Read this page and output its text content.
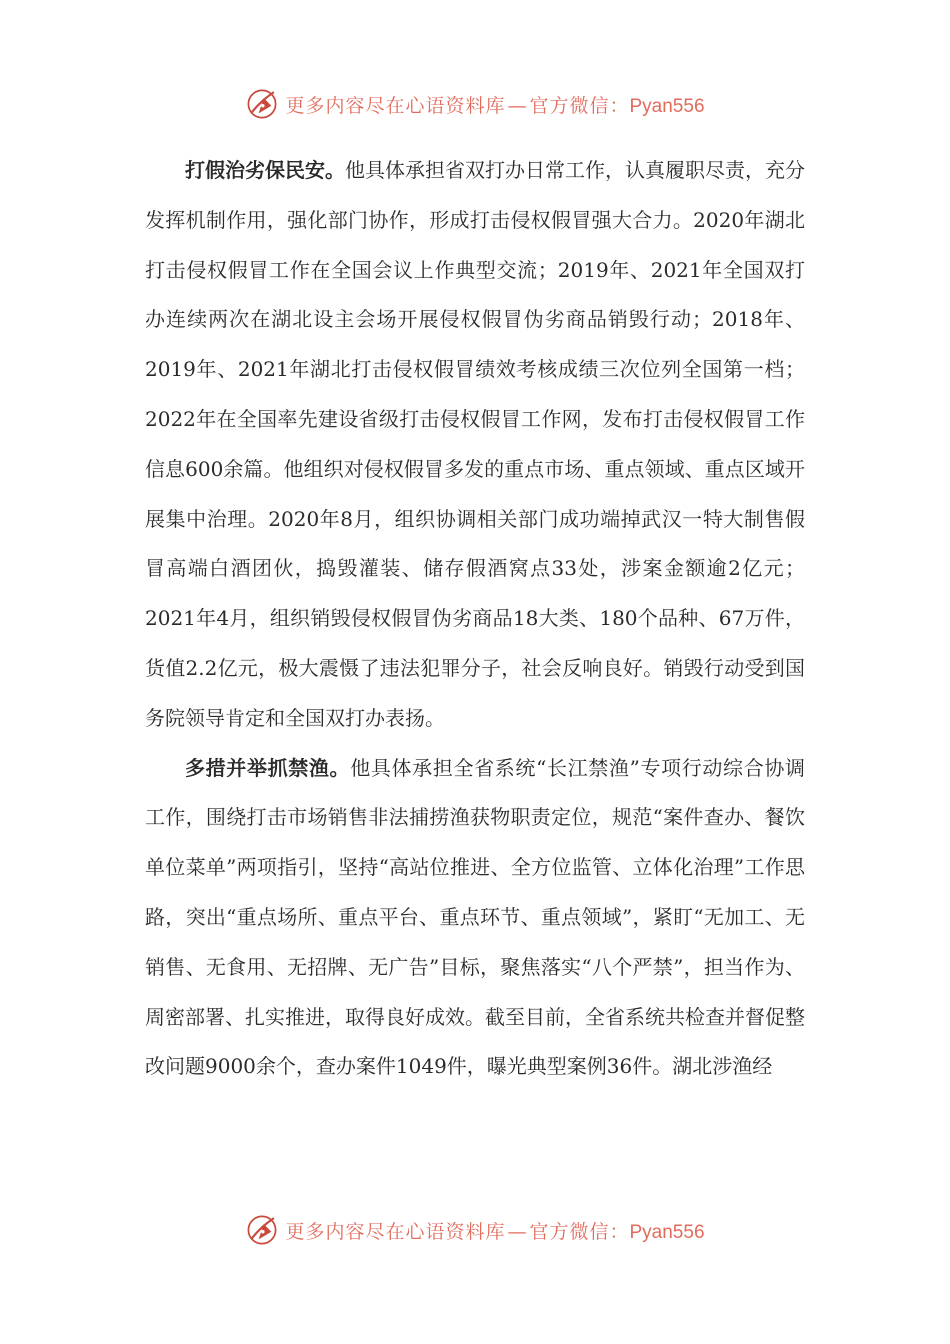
更多内容尽在心语资料库 — 官方微信：Pyan556

打假治劣保民安。他具体承担省双打办日常工作，认真履职尽责，充分发挥机制作用，强化部门协作，形成打击侵权假冒强大合力。2020年湖北打击侵权假冒工作在全国会议上作典型交流；2019年、2021年全国双打办连续两次在湖北设主会场开展侵权假冒伪劣商品销毁行动；2018年、2019年、2021年湖北打击侵权假冒绩效考核成绩三次位列全国第一档；2022年在全国率先建设省级打击侵权假冒工作网，发布打击侵权假冒工作信息600余篇。他组织对侵权假冒多发的重点市场、重点领域、重点区域开展集中治理。2020年8月，组织协调相关部门成功端掉武汉一特大制售假冒高端白酒团伙，捣毁灌装、储存假酒窝点33处，涉案金额逾2亿元；2021年4月，组织销毁侵权假冒伪劣商品18大类、180个品种、67万件，货值2.2亿元，极大震慑了违法犯罪分子，社会反响良好。销毁行动受到国务院领导肯定和全国双打办表扬。

多措并举抓禁渔。他具体承担全省系统“长江禁渔”专项行动综合协调工作，围绕打击市场销售非法捕捞渔获物职责定位，规范“案件查办、餐饮单位菜单”两项指引，坚持“高站位推进、全方位监管、立体化治理”工作思路，突出“重点场所、重点平台、重点环节、重点领域”，紧盯“无加工、无销售、无食用、无招牌、无广告”目标，聚焦落实“八个严禁”，担当作为、周密部署、扎实推进，取得良好成效。截至目前，全省系统共检查并督促整改问题9000余个，查办案件1049件，曝光典型案例36件。湖北涉渔经

更多内容尽在心语资料库 — 官方微信：Pyan556
